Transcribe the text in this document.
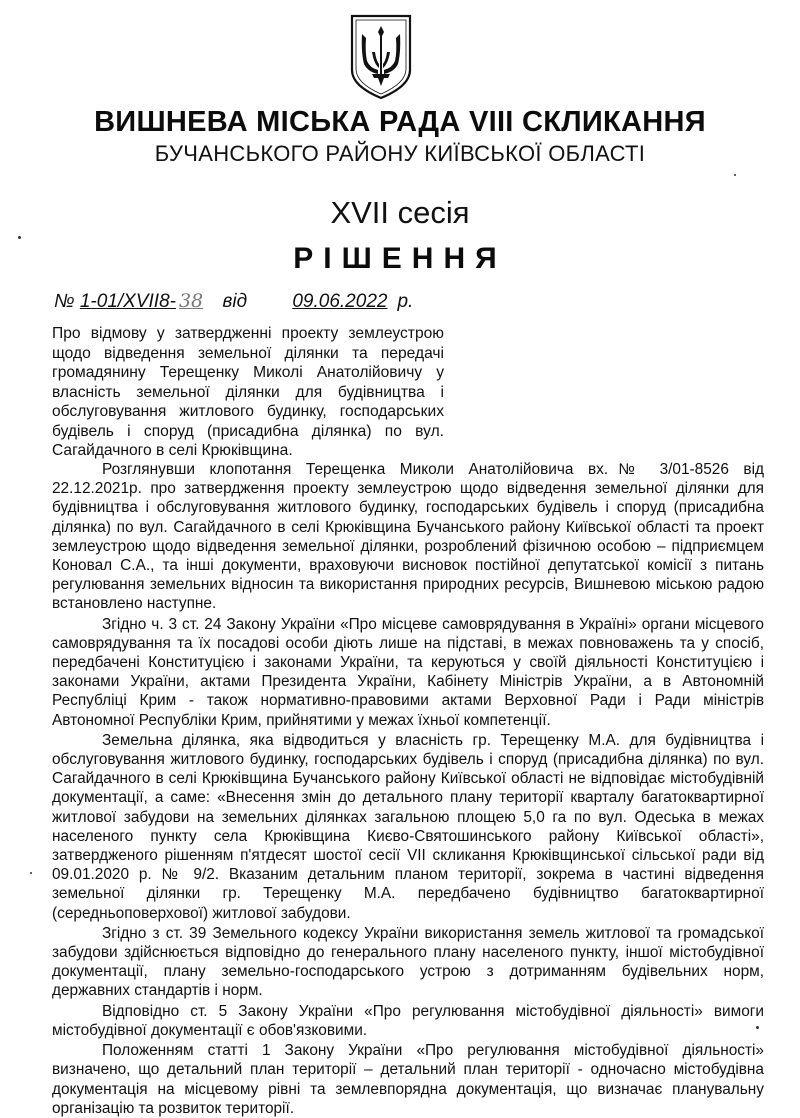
ВИШНЕВА МІСЬКА РАДА VIII СКЛИКАННЯ
БУЧАНСЬКОГО РАЙОНУ КИЇВСЬКОЇ ОБЛАСТІ
XVII сесія
РІШЕННЯ
№ 1-01/XVII8- 38 від 09.06.2022 р.
Про відмову у затвердженні проекту землеустрою щодо відведення земельної ділянки та передачі громадянину Терещенку Миколі Анатолійовичу у власність земельної ділянки для будівництва і обслуговування житлового будинку, господарських будівель і споруд (присадибна ділянка) по вул. Сагайдачного в селі Крюківщина.

Розглянувши клопотання Терещенка Миколи Анатолійовича вх.№ 3/01-8526 від 22.12.2021р. про затвердження проекту землеустрою щодо відведення земельної ділянки для будівництва і обслуговування житлового будинку, господарських будівель і споруд (присадибна ділянка) по вул. Сагайдачного в селі Крюківщина Бучанського району Київської області та проект землеустрою щодо відведення земельної ділянки, розроблений фізичною особою – підприємцем Коновал С.А., та інші документи, враховуючи висновок постійної депутатської комісії з питань регулювання земельних відносин та використання природних ресурсів, Вишневою міською радою встановлено наступне.

Згідно ч. 3 ст. 24 Закону України «Про місцеве самоврядування в Україні» органи місцевого самоврядування та їх посадові особи діють лише на підставі, в межах повноважень та у спосіб, передбачені Конституцією і законами України, та керуються у своїй діяльності Конституцією і законами України, актами Президента України, Кабінету Міністрів України, а в Автономній Республіці Крим - також нормативно-правовими актами Верховної Ради і Ради міністрів Автономної Республіки Крим, прийнятими у межах їхньої компетенції.

Земельна ділянка, яка відводиться у власність гр. Терещенку М.А. для будівництва і обслуговування житлового будинку, господарських будівель і споруд (присадибна ділянка) по вул. Сагайдачного в селі Крюківщина Бучанського району Київської області не відповідає містобудівній документації, а саме: «Внесення змін до детального плану території кварталу багатоквартирної житлової забудови на земельних ділянках загальною площею 5,0 га по вул. Одеська в межах населеного пункту села Крюківщина Києво-Святошинського району Київської області», затвердженого рішенням п'ятдесят шостої сесії VII скликання Крюківщинської сільської ради від 09.01.2020 р. № 9/2. Вказаним детальним планом території, зокрема в частині відведення земельної ділянки гр. Терещенку М.А. передбачено будівництво багатоквартирної (середньоповерхової) житлової забудови.

Згідно з ст. 39 Земельного кодексу України використання земель житлової та громадської забудови здійснюється відповідно до генерального плану населеного пункту, іншої містобудівної документації, плану земельно-господарського устрою з дотриманням будівельних норм, державних стандартів і норм.

Відповідно ст. 5 Закону України «Про регулювання містобудівної діяльності» вимоги містобудівної документації є обов'язковими.

Положенням статті 1 Закону України «Про регулювання містобудівної діяльності» визначено, що детальний план території – детальний план території - одночасно містобудівна документація на місцевому рівні та землевпорядна документація, що визначає планувальну організацію та розвиток території.
